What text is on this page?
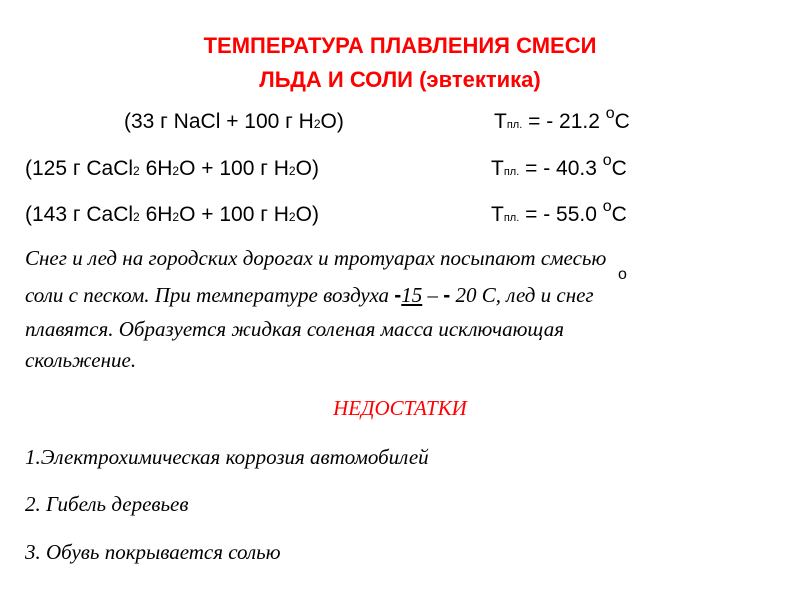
ТЕМПЕРАТУРА ПЛАВЛЕНИЯ СМЕСИ
ЛЬДА И СОЛИ (эвтектика)
(33 г NaCl + 100 г H2O)	Тпл. = - 21.2 $^о$С
(125 г CaCl2 6H2O + 100 г H2O)	Тпл. = - 40.3 $^о$С
(143 г CaCl2 6H2O + 100 г H2O)	Тпл. = - 55.0 $^о$С
Снег и лед на городских дорогах и тротуарах посыпают смесью
соли с песком. При температуре воздуха -15 – - 20 С, лед и снег
о
плавятся. Образуется жидкая соленая масса исключающая
скольжение.
НЕДОСТАТКИ
1.Электрохимическая коррозия автомобилей
2. Гибель деревьев
3. Обувь покрывается солью
